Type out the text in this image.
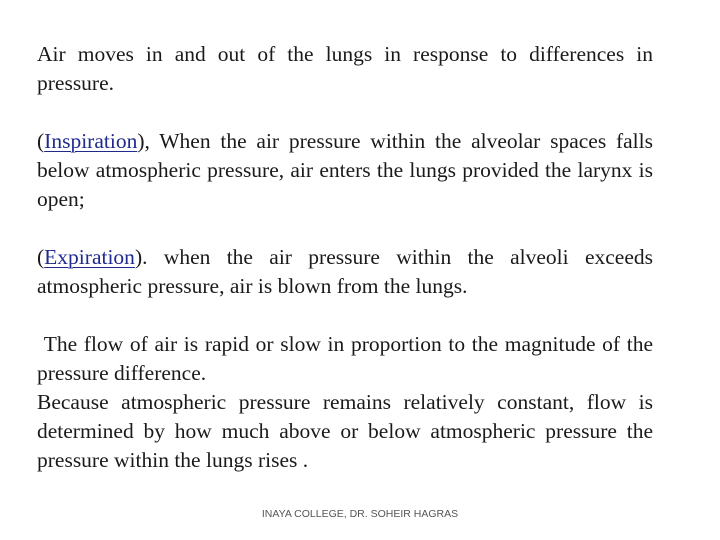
Air moves in and out of the lungs in response to differences in pressure.

(Inspiration), When the air pressure within the alveolar spaces falls below atmospheric pressure, air enters the lungs provided the larynx is open;

(Expiration). when the air pressure within the alveoli exceeds atmospheric pressure, air is blown from the lungs.

The flow of air is rapid or slow in proportion to the magnitude of the pressure difference.

Because atmospheric pressure remains relatively constant, flow is determined by how much above or below atmospheric pressure the pressure within the lungs rises .

INAYA COLLEGE, DR. SOHEIR HAGRAS
